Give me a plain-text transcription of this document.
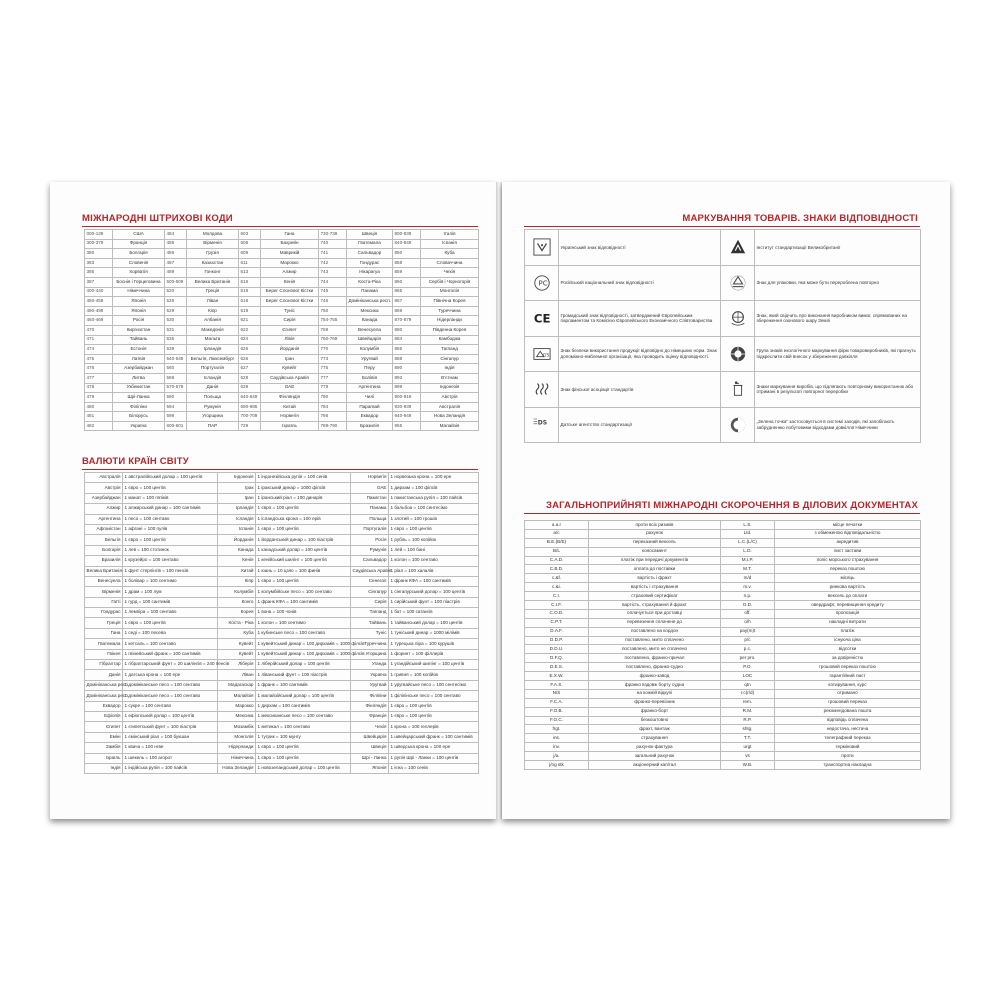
МІЖНАРОДНІ ШТРИХОВІ КОДИ
000-139	США	484	Молдова	603	Гана	730-739	Швеція	800-839	Італія
300-379	Франція	485	Вірменія	608	Бахрейн	740	Гватемала	840-849	Іспанія
380	Болгарія	486	Грузія	609	Маврикій	741	Сальвадор	850	Куба
383	Словенія	487	Казахстан	611	Марокко	742	Гондурас	858	Словаччина
385	Хорватія	489	Гонконг	613	Алжир	743	Нікарагуа	859	Чехія
387	Боснія і Герцеговина	500-509	Велика Британія	616	Кенія	744	Коста-Ріка	860	Сербія і Чорногорія
400-440	Німеччина	520	Греція	618	Берег Слонової Кістки	745	Панама	865	Монголія
450-459	Японія	528	Ліван	618	Берег Слонової Кістки	746	Домініканська респ.	867	Північна Корея
490-499	Японія	529	Кіпр	619	Туніс	750	Мексика	869	Туреччина
460-469	Росія	530	Албанія	621	Сирія	754-755	Канада	870-879	Нідерланди
470	Киргизстан	531	Македонія	622	Єгипет	759	Венесуела	880	Південна Корея
471	Тайвань	535	Мальта	624	Лівія	760-769	Швейцарія	884	Камбоджа
474	Естонія	539	Ірландія	625	Йорданія	770	Колумбія	885	Таїланд
475	Латвія	540-549	Бельгія, Люксембург	626	Іран	773	Уругвай	888	Сінгапур
476	Азербайджан	560	Португалія	627	Кувейт	775	Перу	890	Індія
477	Литва	569	Ісландія	628	Саудівська Аравія	777	Болівія	893	В'єтнам
478	Узбекистан	570-579	Данія	629	ОАЕ	779	Аргентина	899	Індонезія
479	Шрі-Ланка	590	Польща	640-649	Фінляндія	780	Чилі	900-919	Австрія
480	Філіпіни	594	Румунія	690-695	Китай	784	Парагвай	930-939	Австралія
481	Білорусь	599	Угорщина	700-709	Норвегія	786	Еквадор	940-949	Нова Зеландія
482	Україна	600-601	ПАР	729	Ізраїль	789-790	Бразилія	955	Малайзія
ВАЛЮТИ КРАЇН СВІТУ
Австралія	1 австралійський долар = 100 центів	Індонезія	1 індонезійська рупія = 100 сенів	Норвегія	1 норвезька крона = 100 ере
Австрія	1 євро = 100 центів	Ірак	1 іракський динар = 1000 філсів	ОАЕ	1 дирхам = 100 філсів
Азербайджан	1 манат = 100 гяпіків	Іран	1 іранський ріал = 100 динарів	Пакистан	1 пакистанська рупія = 100 пайсів
Алжир	1 алжирський динар = 100 сантимів	Ірландія	1 євро = 100 центів	Панама	1 бальбоа = 100 сентесімо
Аргентина	1 песо = 100 сентаво	Ісландія	1 ісландська крона = 100 ерів	Польща	1 злотий = 100 грошів
Афганістан	1 афгані = 100 пулів	Іспанія	1 євро = 100 центів	Португалія	1 євро = 100 центів
Бельгія	1 євро = 100 центів	Йорданія	1 йорданський динар = 100 піастрів	Росія	1 рубль = 100 копійок
Болгарія	1 лев = 100 стотинок	Канада	1 канадський долар = 100 центів	Румунія	1 лей = 100 бані
Бразилія	1 крузейро = 100 сентаво	Кенія	1 кенійський шилінг = 100 центів	Сальвадор	1 колон = 100 сентаво
Велика Британія	1 фунт стерлінгів = 100 пенсів	Китай	1 юань = 10 цзяо = 100 финів	Саудівська Аравія	1 ріал = 100 халалів
Венесуела	1 болівар = 100 сентимо	Кіпр	1 євро = 100 центів	Сенегал	1 франк КФА = 100 сантимів
Вірменія	1 драм = 100 лум	Колумбія	1 колумбійське песо = 100 сентаво	Сінгапур	1 сінгапурський долар = 100 центів
Гаїті	1 гурд = 100 сантимів	Конго	1 франк КФА = 100 сантимів	Сирія	1 сирійський фунт = 100 піастрів
Гондурас	1 лемпіра = 100 сентаво	Корея	1 вона = 100 чонів	Таїланд	1 бат = 100 сатангів
Греція	1 євро = 100 центів	Коста - Ріка	1 колон = 100 сентимо	Тайвань	1 тайванський долар = 100 центів
Гана	1 седі = 100 песева	Куба	1 кубинське песо = 100 сентаво	Туніс	1 туніський динар = 1000 мілімів
Гватемала	1 кетсаль = 100 сентаво	Кувейт	1 кувейтський динар = 100 дирхамів = 1000 філсів	Туреччина	1 турецька ліра = 100 курушів
Гвінея	1 гвінейський франк = 100 сантимів	Кувейт	1 кувейтський динар = 100 дирхамів = 1000 філсів	Угорщина	1 форинт = 100 філлерів
Гібралтар	1 гібралтарський фунт = 20 шилінгів = 240 пенсів	Ліберія	1 ліберійський долар = 100 центів	Уганда	1 угандійський шилінг = 100 центів
Данія	1 датська крона = 100 ере	Ліван	1 ліванський фунт = 100 піастрів	Україна	1 гривня = 100 копійок
Домініканська респ.	1 домініканське песо = 100 сентаво	Мадагаскар	1 франк = 100 сантимів	Уругвай	1 уругвайське песо = 100 сентесімо
Домініканська респ.	1 домініканське песо = 100 сентаво	Малайзія	1 малайзійський долар = 100 центів	Філіпіни	1 філіпінське песо = 100 сентаво
Еквадор	1 сукре = 100 сентаво	Марокко	1 дирхам = 100 сантимів	Фінляндія	1 євро = 100 центів
Ефіопія	1 ефіопський долар = 100 центів	Мексика	1 мексиканське песо = 100 сентаво	Франція	1 євро = 100 центів
Єгипет	1 єгипетський фунт = 100 піастрів	Мозамбік	1 метикал = 100 сентаво	Чехія	1 крона = 100 геллерів
Еміні	1 ємінський ріал = 100 букшан	Монголія	1 тугрик = 100 мунгу	Швейцарія	1 швейцарський франк = 100 сантимів
Замбія	1 квача = 100 нгве	Нідерланди	1 євро = 100 центів	Швеція	1 шведська крона = 100 ере
Ізраїль	1 шекель = 100 агорот	Німеччина	1 євро = 100 центів	Шрі - Ланка	1 рупія Шрі - Ланки = 100 центів
Індія	1 індійська рупія = 100 пайсів	Нова Зеландія	1 новозеландський долар = 100 центів	Японія	1 ієна = 100 сенів
МАРКУВАННЯ ТОВАРІВ. ЗНАКИ ВІДПОВІДНОСТІ
	Український знак відповідності		Інститут стандартизації Великобританії

PC	Російський національний знак відповідності		Знак для упаковки, яка може бути переробленa повторно

CE	Громадський знак відповідності, затверджений Європейським парламентом та Комісією Європейського Економічного Співтовариства		Знак, який свідчить про виконання виробником вимог, спрямованих на збереження озонового шару Землі

GS	Знак безпеки використання продукції відповідно до німецьких норм. Знак допоміжно-емблемної організації, яка проводить оцінку відповідності.		Група знаків екологічного маркування фірм товаровиробників, які прагнуть підкреслити свій внесок у збереження довкілля

	Знак фінської асоціації стандартів		Знаки маркування виробів, що підлягають повторному використанню або отримані в результаті повторної переробки

DS	Датське агентство стандартизації		„Зелена точка" застосовується в системі заходів, які запобігають забрудненню побутовими відходами довкілля Німеччини
ЗАГАЛЬНОПРИЙНЯТІ МІЖНАРОДНІ СКОРОЧЕННЯ В ДІЛОВИХ ДОКУМЕНТАХ
a.a.r	проти всіх ризиків	L.S.	місце печатки
a/c	рахунок	Ltd.	з обмеженою відповідальністю
B.E.(B/E)	переказний вексель	L.C.(L/C)	акредитив
B/L	коносамент	L.D.	лист застави
C.A.D.	платіж при передачі документів	M.I.P.	поліс морського страхування
C.B.D.	оплата до поставки	M.T.	переказ поштою
c.&f.	вартість і фрахт	m/d	місяць
c.&i.	вартість і страхування	m.v.	ринкова вартість
C.I.	страховий сертифікат	n.p.	вексель до оплати
C.I.F.	вартість, страхування й фрахт	O.D.	овердрафт, перевищення кредиту
C.O.D.	оплачується при доставці	off.	пропозиція
C.P.T.	перевезення сплачене до	o/h	накладні витрати
D.A.F.	поставлено на кордон	pay(m)t	платіж
D.D.P.	поставлено, мито сплачено	p/c	існуюча ціна
D.D.U.	поставлено, мито не сплачено	p.c.	відсотки
D.F.Q.	поставлено, франко-причал	per pro.	за довіреністю
D.E.S.	поставлено, франко-судно	P.O.	грошовий переказ поштою
E.X.W.	франко-завод	LOC	гарантійний лист
F.A.S.	франко вздовж борту судна	qtn	котирування, курс
N/S	на кожній відкупі	r.c(r/d)	отримано
F.C.A.	франко-перевізник	rem.	грошовий переказ
F.O.B.	франко-борт	R.M.	рекомендована пошта
F.O.C.	безкоштовно	R.P.	відповідь сплачена
frgt.	фрахт, вантаж	shtg.	недостача, нестача
ins.	страхування	T.T.	телеграфний переказ
inv.	рахунок-фактура	urgt	терміновий
j/a.	загальний рахунок	vs	проти
j/ng stk	акціонерний капітал	W.B.	транспортна накладна
